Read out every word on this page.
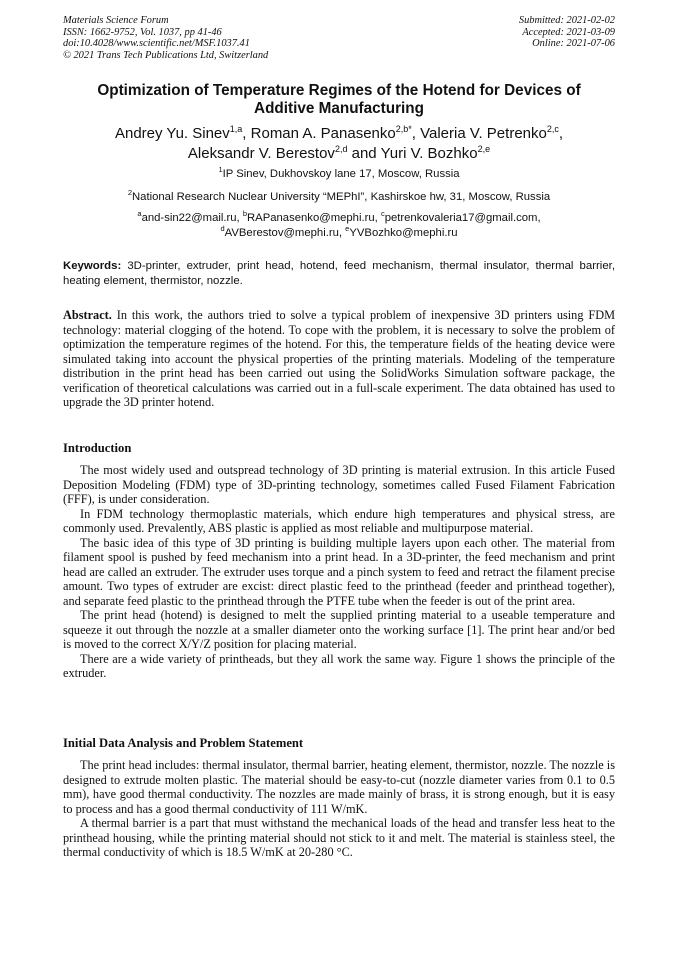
Materials Science Forum
ISSN: 1662-9752, Vol. 1037, pp 41-46
doi:10.4028/www.scientific.net/MSF.1037.41
© 2021 Trans Tech Publications Ltd, Switzerland
Submitted: 2021-02-02
Accepted: 2021-03-09
Online: 2021-07-06
Optimization of Temperature Regimes of the Hotend for Devices of
Additive Manufacturing
Andrey Yu. Sinev$^{1,a}$, Roman A. Panasenko$^{2,b*}$, Valeria V. Petrenko$^{2,c}$,
Aleksandr V. Berestov$^{2,d}$ and Yuri V. Bozhko$^{2,e}$
$^1$IP Sinev, Dukhovskoy lane 17, Moscow, Russia
$^2$National Research Nuclear University “MEPhI”, Kashirskoe hw, 31, Moscow, Russia
$^a$and-sin22@mail.ru, $^b$RAPanasenko@mephi.ru, $^c$petrenkovaleria17@gmail.com,
$^d$AVBerestov@mephi.ru, $^e$YVBozhko@mephi.ru
Keywords: 3D-printer, extruder, print head, hotend, feed mechanism, thermal insulator, thermal barrier, heating element, thermistor, nozzle.

Abstract. In this work, the authors tried to solve a typical problem of inexpensive 3D printers using FDM technology: material clogging of the hotend. To cope with the problem, it is necessary to solve the problem of optimization the temperature regimes of the hotend. For this, the temperature fields of the heating device were simulated taking into account the physical properties of the printing materials. Modeling of the temperature distribution in the print head has been carried out using the SolidWorks Simulation software package, the verification of theoretical calculations was carried out in a full-scale experiment. The data obtained has used to upgrade the 3D printer hotend.

Introduction

The most widely used and outspread technology of 3D printing is material extrusion. In this article Fused Deposition Modeling (FDM) type of 3D-printing technology, sometimes called Fused Filament Fabrication (FFF), is under consideration.

In FDM technology thermoplastic materials, which endure high temperatures and physical stress, are commonly used. Prevalently, ABS plastic is applied as most reliable and multipurpose material.

The basic idea of this type of 3D printing is building multiple layers upon each other. The material from filament spool is pushed by feed mechanism into a print head. In a 3D-printer, the feed mechanism and print head are called an extruder. The extruder uses torque and a pinch system to feed and retract the filament precise amount. Two types of extruder are excist: direct plastic feed to the printhead (feeder and printhead together), and separate feed plastic to the printhead through the PTFE tube when the feeder is out of the print area.

The print head (hotend) is designed to melt the supplied printing material to a useable temperature and squeeze it out through the nozzle at a smaller diameter onto the working surface [1]. The print hear and/or bed is moved to the correct X/Y/Z position for placing material.

There are a wide variety of printheads, but they all work the same way. Figure 1 shows the principle of the extruder.

Initial Data Analysis and Problem Statement

The print head includes: thermal insulator, thermal barrier, heating element, thermistor, nozzle. The nozzle is designed to extrude molten plastic. The material should be easy-to-cut (nozzle diameter varies from 0.1 to 0.5 mm), have good thermal conductivity. The nozzles are made mainly of brass, it is strong enough, but it is easy to process and has a good thermal conductivity of 111 W/mK.

A thermal barrier is a part that must withstand the mechanical loads of the head and transfer less heat to the printhead housing, while the printing material should not stick to it and melt. The material is stainless steel, the thermal conductivity of which is 18.5 W/mK at 20-280 °C.
